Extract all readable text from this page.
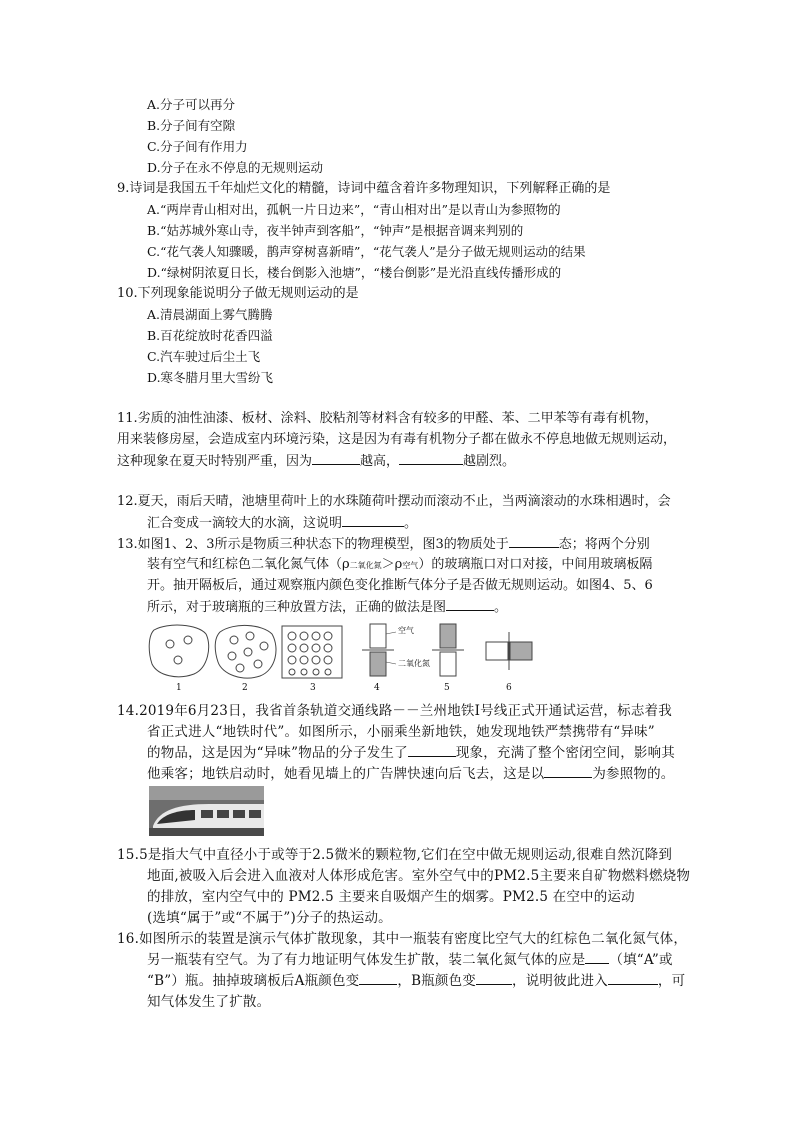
A.分子可以再分
B.分子间有空隙
C.分子间有作用力
D.分子在永不停息的无规则运动
9.诗词是我国五千年灿烂文化的精髓，诗词中蕴含着许多物理知识，下列解释正确的是
A.“两岸青山相对出，孤帆一片日边来”，“青山相对出”是以青山为参照物的
B.“姑苏城外寒山寺，夜半钟声到客船”，“钟声”是根据音调来判别的
C.“花气袭人知骤暖，鹊声穿树喜新晴”，“花气袭人”是分子做无规则运动的结果
D.“绿树阴浓夏日长，楼台倒影入池塘”，“楼台倒影”是光沿直线传播形成的
10.下列现象能说明分子做无规则运动的是
A.清晨湖面上雾气腾腾
B.百花绽放时花香四溢
C.汽车驶过后尘土飞
D.寒冬腊月里大雪纷飞
11.劣质的油性油漆、板材、涂料、胶粘剂等材料含有较多的甲醛、苯、二甲苯等有毒有机物，
用来装修房屋，会造成室内环境污染，这是因为有毒有机物分子都在做永不停息地做无规则运动，
这种现象在夏天时特别严重，因为	越高，	越剧烈。
12.夏天，雨后天晴，池塘里荷叶上的水珠随荷叶摆动而滚动不止，当两滴滚动的水珠相遇时，会
汇合变成一滴较大的水滴，这说明	。
13.如图1、2、3所示是物质三种状态下的物理模型，图3的物质处于	态；将两个分别
装有空气和红棕色二氧化氮气体（ρ二氧化氮＞ρ空气）的玻璃瓶口对口对接，中间用玻璃板隔
开。抽开隔板后，通过观察瓶内颜色变化推断气体分子是否做无规则运动。如图4、5、6
所示，对于玻璃瓶的三种放置方法，正确的做法是图	。
1	2	3	4	5	6
空气
二氧化氮
14.2019年6月23日，我省首条轨道交通线路－－兰州地铁Ⅰ号线正式开通试运营，标志着我
省正式进人“地铁时代”。如图所示，小丽乘坐新地铁，她发现地铁严禁携带有“异味”
的物品，这是因为“异味”物品的分子发生了	现象，充满了整个密闭空间，影响其
他乘客；地铁启动时，她看见墙上的广告牌快速向后飞去，这是以	为参照物的。
15.5是指大气中直径小于或等于2.5微米的颗粒物,它们在空中做无规则运动,很难自然沉降到
地面,被吸入后会进入血液对人体形成危害。室外空气中的PM2.5主要来自矿物燃料燃烧物
的排放，室内空气中的 PM2.5 主要来自吸烟产生的烟雾。PM2.5 在空中的运动
(选填“属于”或“不属于”)分子的热运动。
16.如图所示的装置是演示气体扩散现象，其中一瓶装有密度比空气大的红棕色二氧化氮气体，
另一瓶装有空气。为了有力地证明气体发生扩散，装二氧化氮气体的应是 （填“A”或
“B”）瓶。抽掉玻璃板后A瓶颜色变	，B瓶颜色变	，说明彼此进入	，可
知气体发生了扩散。
